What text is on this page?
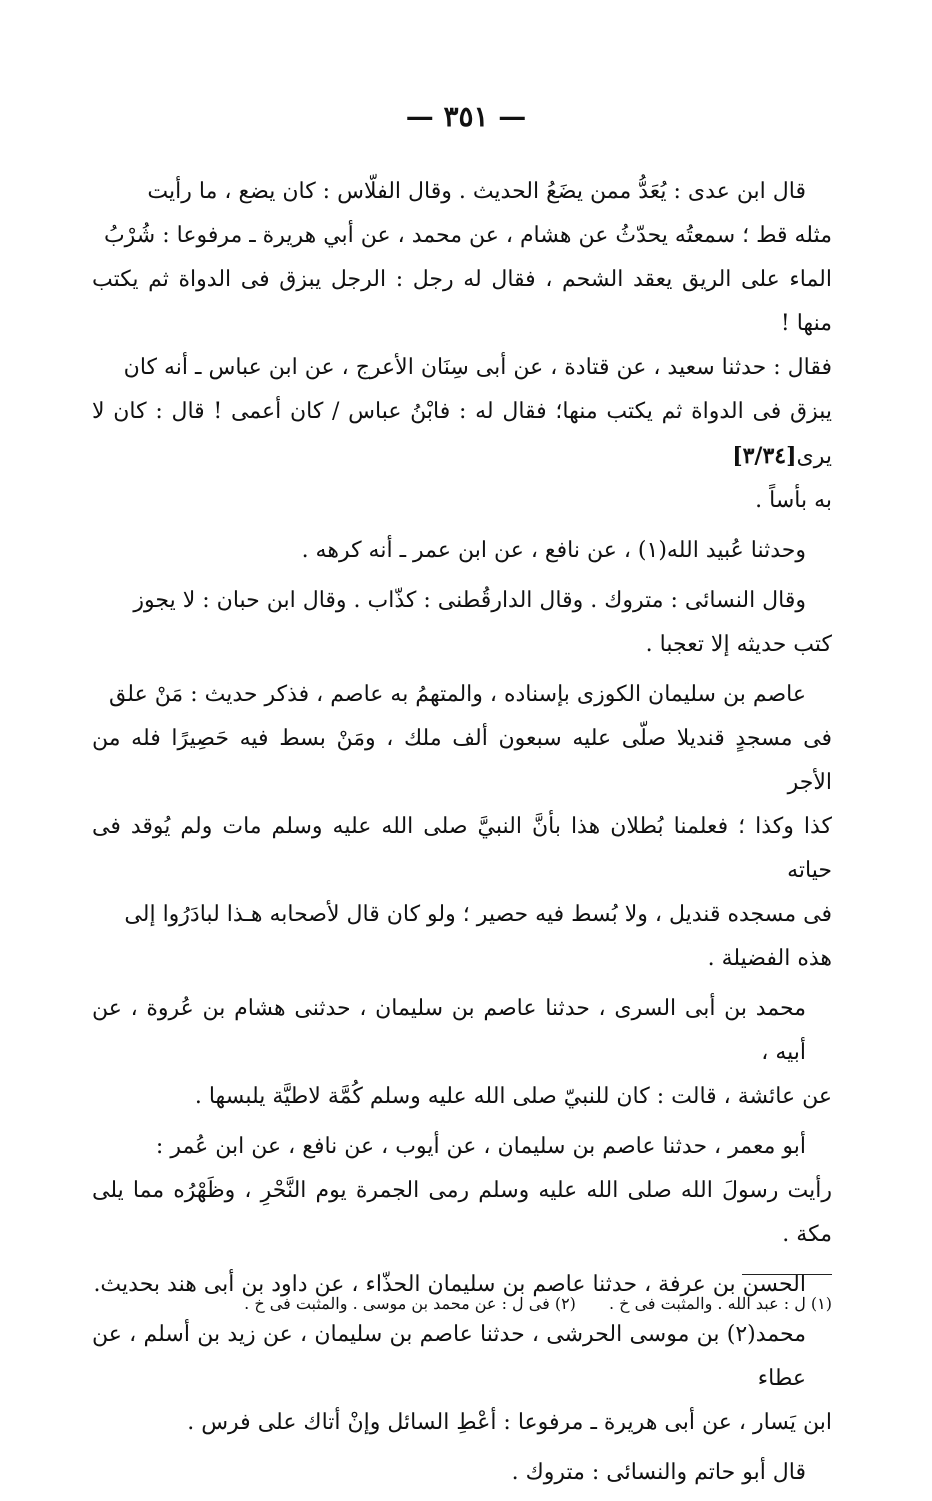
— ٣٥١ —

قال ابن عدى : يُعَدُّ ممن يضَعُ الحديث . وقال الفلّاس : كان يضع ، ما رأيت
مثله قط ؛ سمعتُه يحدّثُ عن هشام ، عن محمد ، عن أبي هريرة ـ مرفوعا : شُرْبُ
الماء على الريق يعقد الشحم ، فقال له رجل : الرجل يبزق فى الدواة ثم يكتب منها !
فقال : حدثنا سعيد ، عن قتادة ، عن أبى سِنَان الأعرج ، عن ابن عباس ـ أنه كان
يبزق فى الدواة ثم يكتب منها؛ فقال له : فابْنُ عباس / كان أعمى ! قال : كان لا يرى[٣/٣٤]
به بأساً .

وحدثنا عُبيد الله(١) ، عن نافع ، عن ابن عمر ـ أنه كرهه .

وقال النسائى : متروك . وقال الدارقُطنى : كذّاب . وقال ابن حبان : لا يجوز
كتب حديثه إلا تعجبا .

عاصم بن سليمان الكوزى بإسناده ، والمتهمُ به عاصم ، فذكر حديث : مَنْ علق
فى مسجدٍ قنديلا صلّى عليه سبعون ألف ملك ، ومَنْ بسط فيه حَصِيرًا فله من الأجر
كذا وكذا ؛ فعلمنا بُطلان هذا بأنَّ النبيَّ صلى الله عليه وسلم مات ولم يُوقد فى حياته
فى مسجده قنديل ، ولا بُسط فيه حصير ؛ ولو كان قال لأصحابه هـذا لبادَرُوا إلى
هذه الفضيلة .

محمد بن أبى السرى ، حدثنا عاصم بن سليمان ، حدثنى هشام بن عُروة ، عن أبيه ،
عن عائشة ، قالت : كان للنبيّ صلى الله عليه وسلم كُمَّة لاطيَّة يلبسها .

أبو معمر ، حدثنا عاصم بن سليمان ، عن أيوب ، عن نافع ، عن ابن عُمر :
رأيت رسولَ الله صلى الله عليه وسلم رمى الجمرة يوم النَّحْرِ ، وظَهْرُه مما يلى مكة .

الحسن بن عرفة ، حدثنا عاصم بن سليمان الحذّاء ، عن داود بن أبى هند بحديث.

محمد(٢) بن موسى الحرشى ، حدثنا عاصم بن سليمان ، عن زيد بن أسلم ، عن عطاء
ابن يَسار ، عن أبى هريرة ـ مرفوعا : أعْطِ السائل وإنْ أتاك على فرس .

قال أبو حاتم والنسائى : متروك .

(١) ل : عبد الله . والمثبت فى خ . (٢) فى ل : عن محمد بن موسى . والمثبت فى خ .
